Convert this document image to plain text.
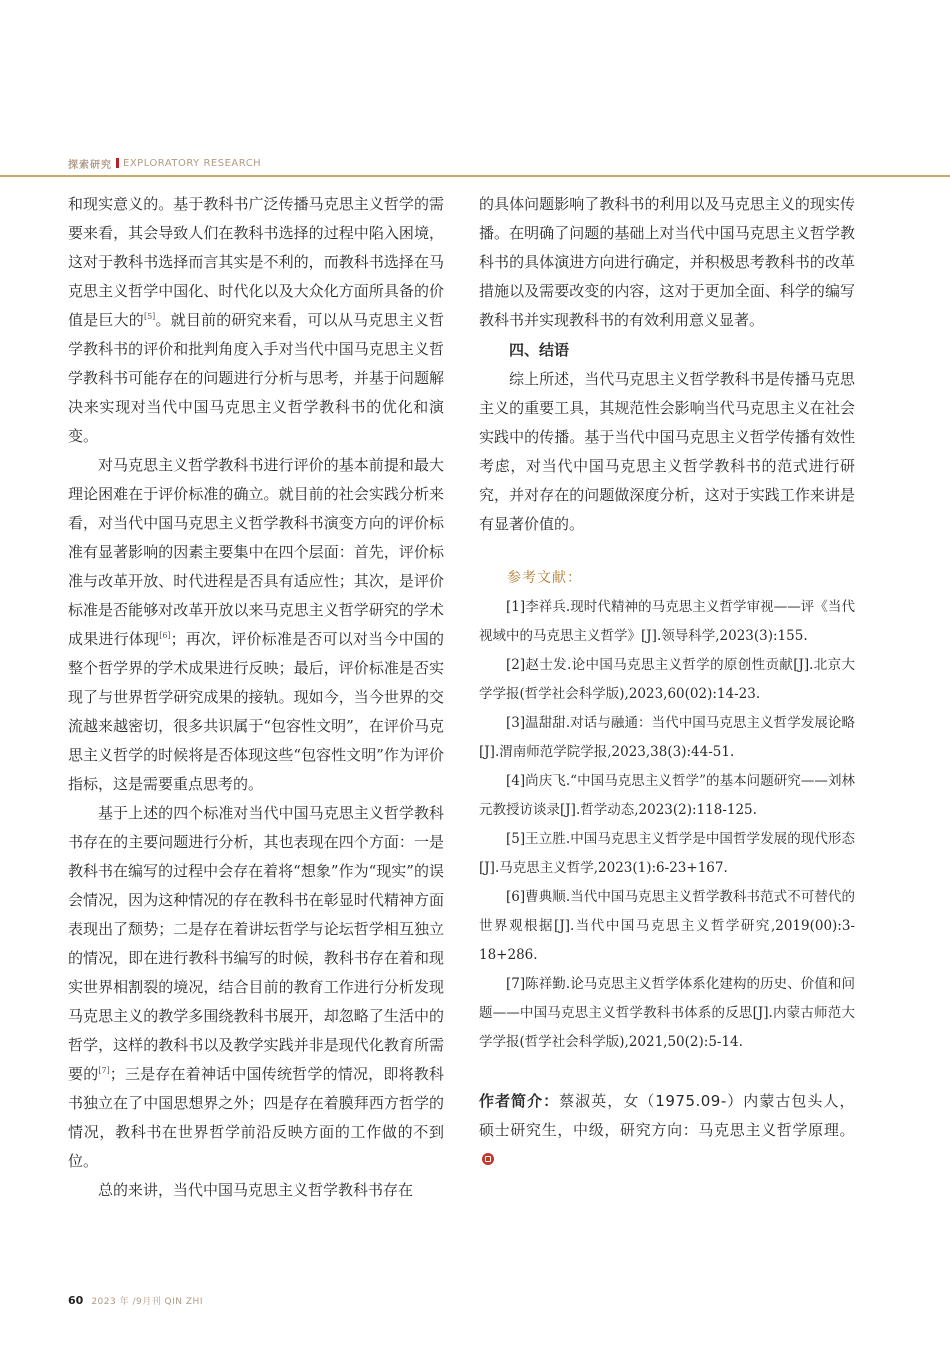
探索研究 EXPLORATORY RESEARCH

和现实意义的。基于教科书广泛传播马克思主义哲学的需要来看，其会导致人们在教科书选择的过程中陷入困境，这对于教科书选择而言其实是不利的，而教科书选择在马克思主义哲学中国化、时代化以及大众化方面所具备的价值是巨大的[5]。就目前的研究来看，可以从马克思主义哲学教科书的评价和批判角度入手对当代中国马克思主义哲学教科书可能存在的问题进行分析与思考，并基于问题解决来实现对当代中国马克思主义哲学教科书的优化和演变。

对马克思主义哲学教科书进行评价的基本前提和最大理论困难在于评价标准的确立。就目前的社会实践分析来看，对当代中国马克思主义哲学教科书演变方向的评价标准有显著影响的因素主要集中在四个层面：首先，评价标准与改革开放、时代进程是否具有适应性；其次，是评价标准是否能够对改革开放以来马克思主义哲学研究的学术成果进行体现[6]；再次，评价标准是否可以对当今中国的整个哲学界的学术成果进行反映；最后，评价标准是否实现了与世界哲学研究成果的接轨。现如今，当今世界的交流越来越密切，很多共识属于“包容性文明”，在评价马克思主义哲学的时候将是否体现这些“包容性文明”作为评价指标，这是需要重点思考的。

基于上述的四个标准对当代中国马克思主义哲学教科书存在的主要问题进行分析，其也表现在四个方面：一是教科书在编写的过程中会存在着将“想象”作为“现实”的误会情况，因为这种情况的存在教科书在彰显时代精神方面表现出了颓势；二是存在着讲坛哲学与论坛哲学相互独立的情况，即在进行教科书编写的时候，教科书存在着和现实世界相割裂的境况，结合目前的教育工作进行分析发现马克思主义的教学多围绕教科书展开，却忽略了生活中的哲学，这样的教科书以及教学实践并非是现代化教育所需要的[7]；三是存在着神话中国传统哲学的情况，即将教科书独立在了中国思想界之外；四是存在着膜拜西方哲学的情况，教科书在世界哲学前沿反映方面的工作做的不到位。

总的来讲，当代中国马克思主义哲学教科书存在

的具体问题影响了教科书的利用以及马克思主义的现实传播。在明确了问题的基础上对当代中国马克思主义哲学教科书的具体演进方向进行确定，并积极思考教科书的改革措施以及需要改变的内容，这对于更加全面、科学的编写教科书并实现教科书的有效利用意义显著。

四、结语

综上所述，当代马克思主义哲学教科书是传播马克思主义的重要工具，其规范性会影响当代马克思主义在社会实践中的传播。基于当代中国马克思主义哲学传播有效性考虑，对当代中国马克思主义哲学教科书的范式进行研究，并对存在的问题做深度分析，这对于实践工作来讲是有显著价值的。

参考文献：

[1]李祥兵.现时代精神的马克思主义哲学审视——评《当代视域中的马克思主义哲学》[J].领导科学,2023(3):155.

[2]赵士发.论中国马克思主义哲学的原创性贡献[J].北京大学学报(哲学社会科学版),2023,60(02):14-23.

[3]温甜甜.对话与融通：当代中国马克思主义哲学发展论略[J].渭南师范学院学报,2023,38(3):44-51.

[4]尚庆飞.“中国马克思主义哲学”的基本问题研究——刘林元教授访谈录[J].哲学动态,2023(2):118-125.

[5]王立胜.中国马克思主义哲学是中国哲学发展的现代形态[J].马克思主义哲学,2023(1):6-23+167.

[6]曹典顺.当代中国马克思主义哲学教科书范式不可替代的世界观根据[J].当代中国马克思主义哲学研究,2019(00):3-18+286.

[7]陈祥勤.论马克思主义哲学体系化建构的历史、价值和问题——中国马克思主义哲学教科书体系的反思[J].内蒙古师范大学学报(哲学社会科学版),2021,50(2):5-14.

作者简介：蔡淑英，女（1975.09-）内蒙古包头人，硕士研究生，中级，研究方向：马克思主义哲学原理。
60 2023 年 /9月刊 QIN ZHI
